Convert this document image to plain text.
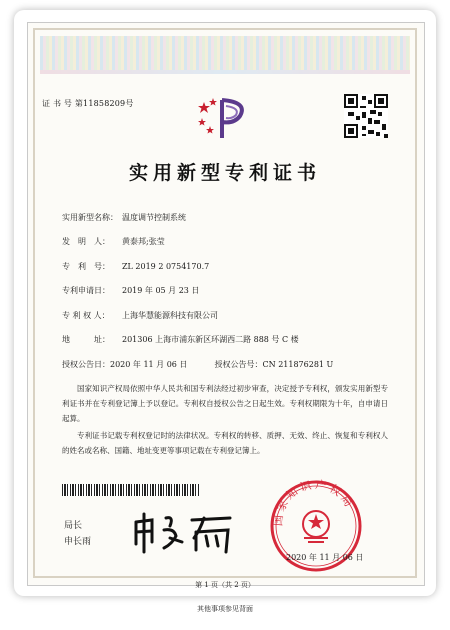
证 书 号 第11858209号
实用新型专利证书
实用新型名称： 温度调节控制系统
发　明　人： 黄泰邦;张莹
专　利　号： ZL 2019 2 0754170.7
专利申请日： 2019 年 05 月 23 日
专 利 权 人： 上海华慧能源科技有限公司
地　　　址： 201306 上海市浦东新区环湖西二路 888 号 C 楼
授权公告日：2020 年 11 月 06 日	授权公告号：CN 211876281 U
国家知识产权局依照中华人民共和国专利法经过初步审查，决定授予专利权，颁发实用新型专利证书并在专利登记簿上予以登记。专利权自授权公告之日起生效。专利权期限为十年，自申请日起算。
专利证书记载专利权登记时的法律状况。专利权的转移、质押、无效、终止、恢复和专利权人的姓名或名称、国籍、地址变更等事项记载在专利登记簿上。
局长
申长雨
国家知识产权局
2020 年 11 月 06 日
第 1 页（共 2 页）
其他事项参见背面
